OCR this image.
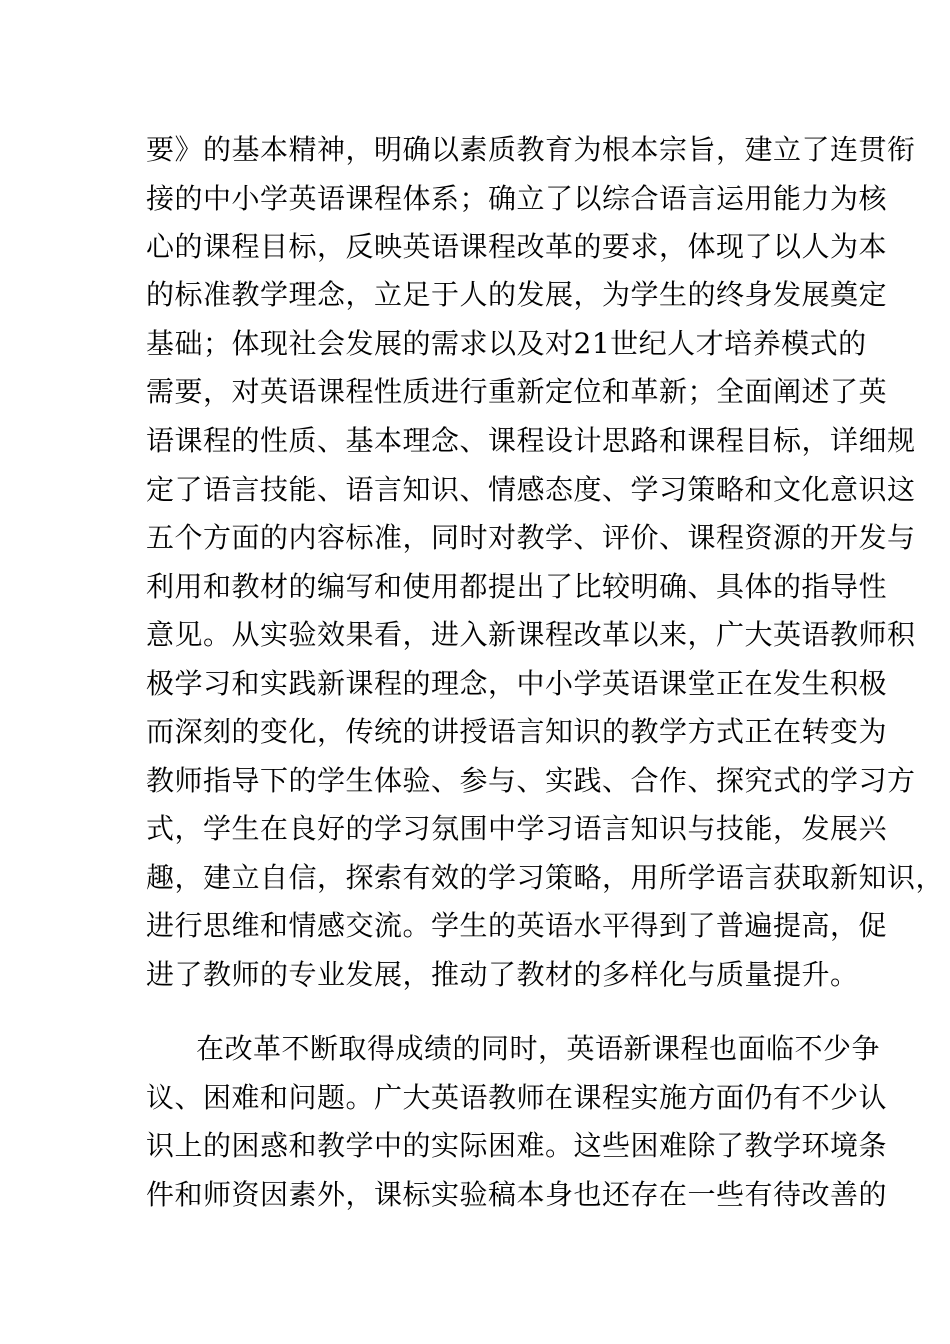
要》的基本精神，明确以素质教育为根本宗旨，建立了连贯衔
接的中小学英语课程体系；确立了以综合语言运用能力为核
心的课程目标，反映英语课程改革的要求，体现了以人为本
的标准教学理念，立足于人的发展，为学生的终身发展奠定
基础；体现社会发展的需求以及对21世纪人才培养模式的
需要，对英语课程性质进行重新定位和革新；全面阐述了英
语课程的性质、基本理念、课程设计思路和课程目标，详细规
定了语言技能、语言知识、情感态度、学习策略和文化意识这
五个方面的内容标准，同时对教学、评价、课程资源的开发与
利用和教材的编写和使用都提出了比较明确、具体的指导性
意见。从实验效果看，进入新课程改革以来，广大英语教师积
极学习和实践新课程的理念，中小学英语课堂正在发生积极
而深刻的变化，传统的讲授语言知识的教学方式正在转变为
教师指导下的学生体验、参与、实践、合作、探究式的学习方
式，学生在良好的学习氛围中学习语言知识与技能，发展兴
趣，建立自信，探索有效的学习策略，用所学语言获取新知识，
进行思维和情感交流。学生的英语水平得到了普遍提高，促
进了教师的专业发展，推动了教材的多样化与质量提升。
在改革不断取得成绩的同时，英语新课程也面临不少争
议、困难和问题。广大英语教师在课程实施方面仍有不少认
识上的困惑和教学中的实际困难。这些困难除了教学环境条
件和师资因素外，课标实验稿本身也还存在一些有待改善的
